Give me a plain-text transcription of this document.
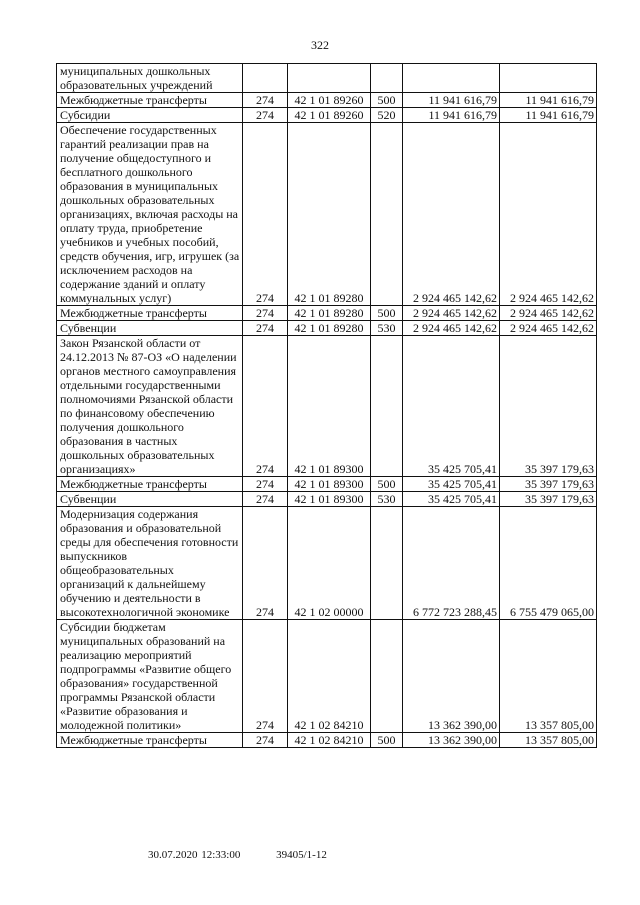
322
муниципальных дошкольных образовательных учреждений					
Межбюджетные трансферты	274	42 1 01 89260	500	11 941 616,79	11 941 616,79
Субсидии	274	42 1 01 89260	520	11 941 616,79	11 941 616,79
Обеспечение государственных гарантий реализации прав на получение общедоступного и бесплатного дошкольного образования в муниципальных дошкольных образовательных организациях, включая расходы на оплату труда, приобретение учебников и учебных пособий, средств обучения, игр, игрушек (за исключением расходов на содержание зданий и оплату коммунальных услуг)	274	42 1 01 89280		2 924 465 142,62	2 924 465 142,62
Межбюджетные трансферты	274	42 1 01 89280	500	2 924 465 142,62	2 924 465 142,62
Субвенции	274	42 1 01 89280	530	2 924 465 142,62	2 924 465 142,62
Закон Рязанской области от 24.12.2013 № 87-ОЗ «О наделении органов местного самоуправления отдельными государственными полномочиями Рязанской области по финансовому обеспечению получения дошкольного образования в частных дошкольных образовательных организациях»	274	42 1 01 89300		35 425 705,41	35 397 179,63
Межбюджетные трансферты	274	42 1 01 89300	500	35 425 705,41	35 397 179,63
Субвенции	274	42 1 01 89300	530	35 425 705,41	35 397 179,63
Модернизация содержания образования и образовательной среды для обеспечения готовности выпускников общеобразовательных организаций к дальнейшему обучению и деятельности в высокотехнологичной экономике	274	42 1 02 00000		6 772 723 288,45	6 755 479 065,00
Субсидии бюджетам муниципальных образований на реализацию мероприятий подпрограммы «Развитие общего образования» государственной программы Рязанской области «Развитие образования и молодежной политики»	274	42 1 02 84210		13 362 390,00	13 357 805,00
Межбюджетные трансферты	274	42 1 02 84210	500	13 362 390,00	13 357 805,00
30.07.2020 12:33:00	39405/1-12
